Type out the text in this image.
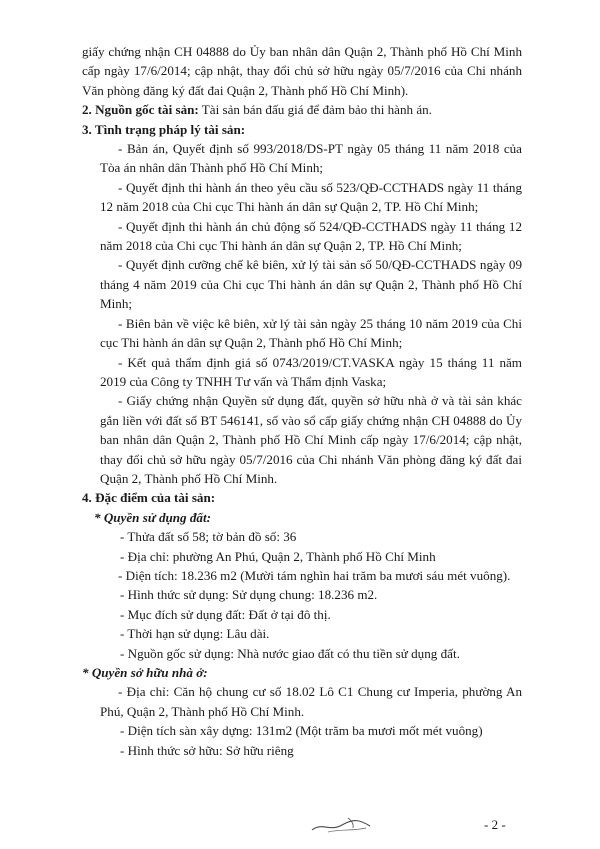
giấy chứng nhận CH 04888 do Ủy ban nhân dân Quận 2, Thành phố Hồ Chí Minh cấp ngày 17/6/2014; cập nhật, thay đổi chủ sở hữu ngày 05/7/2016 của Chi nhánh Văn phòng đăng ký đất đai Quận 2, Thành phố Hồ Chí Minh).

2. Nguồn gốc tài sản: Tài sản bán đấu giá để đảm bảo thi hành án.

3. Tình trạng pháp lý tài sản:

- Bản án, Quyết định số 993/2018/DS-PT ngày 05 tháng 11 năm 2018 của Tòa án nhân dân Thành phố Hồ Chí Minh;

- Quyết định thi hành án theo yêu cầu số 523/QĐ-CCTHADS ngày 11 tháng 12 năm 2018 của Chi cục Thi hành án dân sự Quận 2, TP. Hồ Chí Minh;

- Quyết định thi hành án chủ động số 524/QĐ-CCTHADS ngày 11 tháng 12 năm 2018 của Chi cục Thi hành án dân sự Quận 2, TP. Hồ Chí Minh;

- Quyết định cưỡng chế kê biên, xử lý tài sản số 50/QĐ-CCTHADS ngày 09 tháng 4 năm 2019 của Chi cục Thi hành án dân sự Quận 2, Thành phố Hồ Chí Minh;

- Biên bản về việc kê biên, xử lý tài sản ngày 25 tháng 10 năm 2019 của Chi cục Thi hành án dân sự Quận 2, Thành phố Hồ Chí Minh;

- Kết quả thẩm định giá số 0743/2019/CT.VASKA ngày 15 tháng 11 năm 2019 của Công ty TNHH Tư vấn và Thẩm định Vaska;

- Giấy chứng nhận Quyền sử dụng đất, quyền sở hữu nhà ở và tài sản khác gắn liền với đất số BT 546141, số vào sổ cấp giấy chứng nhận CH 04888 do Ủy ban nhân dân Quận 2, Thành phố Hồ Chí Minh cấp ngày 17/6/2014; cập nhật, thay đổi chủ sở hữu ngày 05/7/2016 của Chi nhánh Văn phòng đăng ký đất đai Quận 2, Thành phố Hồ Chí Minh.

4. Đặc điểm của tài sản:

* Quyền sử dụng đất:

- Thửa đất số 58; tờ bản đồ số: 36

- Địa chỉ: phường An Phú, Quận 2, Thành phố Hồ Chí Minh

- Diện tích: 18.236 m2 (Mười tám nghìn hai trăm ba mươi sáu mét vuông).

- Hình thức sử dụng: Sử dụng chung: 18.236 m2.

- Mục đích sử dụng đất: Đất ở tại đô thị.

- Thời hạn sử dụng: Lâu dài.

- Nguồn gốc sử dụng: Nhà nước giao đất có thu tiền sử dụng đất.

* Quyền sở hữu nhà ở:

- Địa chỉ: Căn hộ chung cư số 18.02 Lô C1 Chung cư Imperia, phường An Phú, Quận 2, Thành phố Hồ Chí Minh.

- Diện tích sàn xây dựng: 131m2 (Một trăm ba mươi mốt mét vuông)

- Hình thức sở hữu: Sở hữu riêng

- 2 -
